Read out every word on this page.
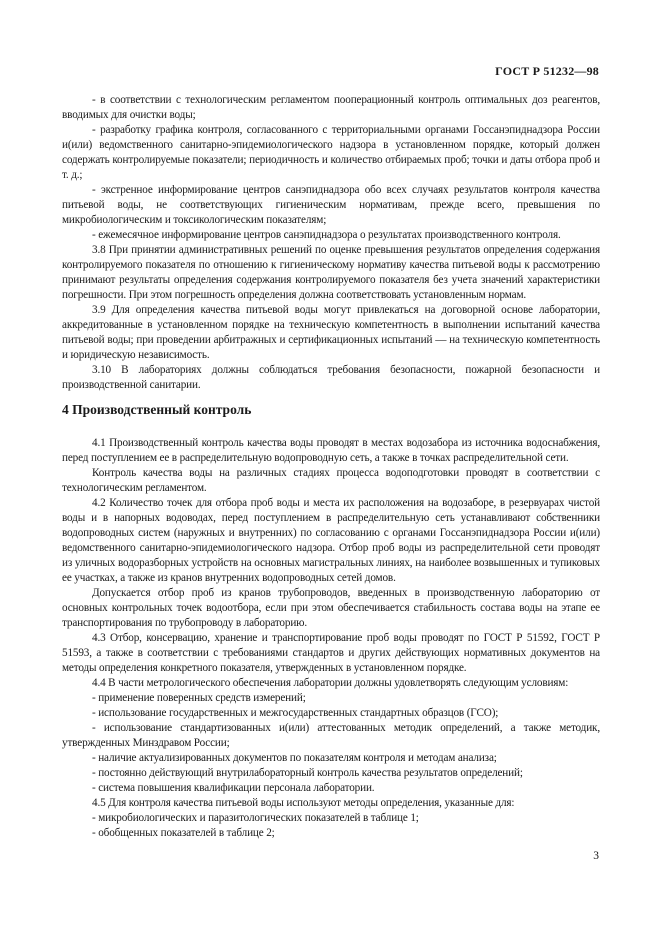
ГОСТ Р 51232—98

- в соответствии с технологическим регламентом пооперационный контроль оптимальных доз реагентов, вводимых для очистки воды;

- разработку графика контроля, согласованного с территориальными органами Госсанэпиднадзора России и(или) ведомственного санитарно-эпидемиологического надзора в установленном порядке, который должен содержать контролируемые показатели; периодичность и количество отбираемых проб; точки и даты отбора проб и т. д.;

- экстренное информирование центров санэпиднадзора обо всех случаях результатов контроля качества питьевой воды, не соответствующих гигиеническим нормативам, прежде всего, превышения по микробиологическим и токсикологическим показателям;

- ежемесячное информирование центров санэпиднадзора о результатах производственного контроля.

3.8 При принятии административных решений по оценке превышения результатов определения содержания контролируемого показателя по отношению к гигиеническому нормативу качества питьевой воды к рассмотрению принимают результаты определения содержания контролируемого показателя без учета значений характеристики погрешности. При этом погрешность определения должна соответствовать установленным нормам.

3.9 Для определения качества питьевой воды могут привлекаться на договорной основе лаборатории, аккредитованные в установленном порядке на техническую компетентность в выполнении испытаний качества питьевой воды; при проведении арбитражных и сертификационных испытаний — на техническую компетентность и юридическую независимость.

3.10 В лабораториях должны соблюдаться требования безопасности, пожарной безопасности и производственной санитарии.

4 Производственный контроль

4.1 Производственный контроль качества воды проводят в местах водозабора из источника водоснабжения, перед поступлением ее в распределительную водопроводную сеть, а также в точках распределительной сети.

Контроль качества воды на различных стадиях процесса водоподготовки проводят в соответствии с технологическим регламентом.

4.2 Количество точек для отбора проб воды и места их расположения на водозаборе, в резервуарах чистой воды и в напорных водоводах, перед поступлением в распределительную сеть устанавливают собственники водопроводных систем (наружных и внутренних) по согласованию с органами Госсанэпиднадзора России и(или) ведомственного санитарно-эпидемиологического надзора. Отбор проб воды из распределительной сети проводят из уличных водоразборных устройств на основных магистральных линиях, на наиболее возвышенных и тупиковых ее участках, а также из кранов внутренних водопроводных сетей домов.

Допускается отбор проб из кранов трубопроводов, введенных в производственную лабораторию от основных контрольных точек водоотбора, если при этом обеспечивается стабильность состава воды на этапе ее транспортирования по трубопроводу в лабораторию.

4.3 Отбор, консервацию, хранение и транспортирование проб воды проводят по ГОСТ Р 51592, ГОСТ Р 51593, а также в соответствии с требованиями стандартов и других действующих нормативных документов на методы определения конкретного показателя, утвержденных в установленном порядке.

4.4 В части метрологического обеспечения лаборатории должны удовлетворять следующим условиям:

- применение поверенных средств измерений;

- использование государственных и межгосударственных стандартных образцов (ГСО);

- использование стандартизованных и(или) аттестованных методик определений, а также методик, утвержденных Минздравом России;

- наличие актуализированных документов по показателям контроля и методам анализа;

- постоянно действующий внутрилабораторный контроль качества результатов определений;

- система повышения квалификации персонала лаборатории.

4.5 Для контроля качества питьевой воды используют методы определения, указанные для:

- микробиологических и паразитологических показателей в таблице 1;

- обобщенных показателей в таблице 2;

3
